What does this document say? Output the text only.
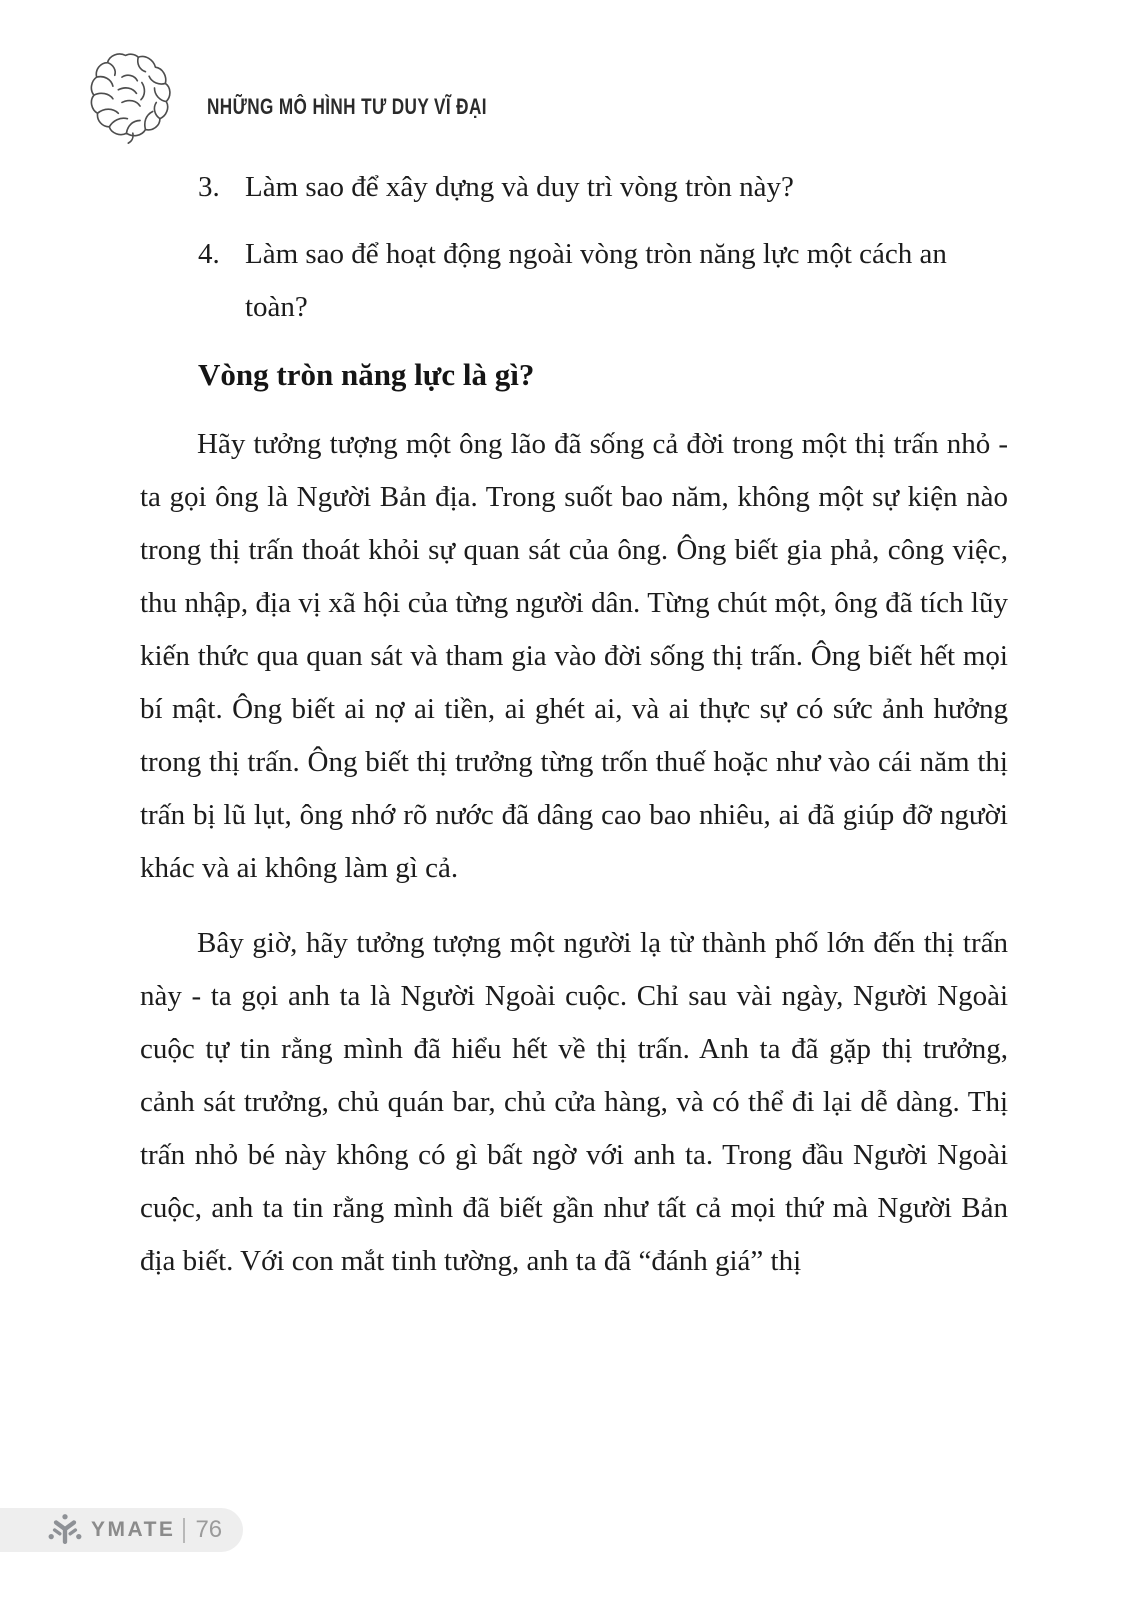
NHỮNG MÔ HÌNH TƯ DUY VĨ ĐẠI
3. Làm sao để xây dựng và duy trì vòng tròn này?
4. Làm sao để hoạt động ngoài vòng tròn năng lực một cách an toàn?
Vòng tròn năng lực là gì?

Hãy tưởng tượng một ông lão đã sống cả đời trong một thị trấn nhỏ - ta gọi ông là Người Bản địa. Trong suốt bao năm, không một sự kiện nào trong thị trấn thoát khỏi sự quan sát của ông. Ông biết gia phả, công việc, thu nhập, địa vị xã hội của từng người dân. Từng chút một, ông đã tích lũy kiến thức qua quan sát và tham gia vào đời sống thị trấn. Ông biết hết mọi bí mật. Ông biết ai nợ ai tiền, ai ghét ai, và ai thực sự có sức ảnh hưởng trong thị trấn. Ông biết thị trưởng từng trốn thuế hoặc như vào cái năm thị trấn bị lũ lụt, ông nhớ rõ nước đã dâng cao bao nhiêu, ai đã giúp đỡ người khác và ai không làm gì cả.

Bây giờ, hãy tưởng tượng một người lạ từ thành phố lớn đến thị trấn này - ta gọi anh ta là Người Ngoài cuộc. Chỉ sau vài ngày, Người Ngoài cuộc tự tin rằng mình đã hiểu hết về thị trấn. Anh ta đã gặp thị trưởng, cảnh sát trưởng, chủ quán bar, chủ cửa hàng, và có thể đi lại dễ dàng. Thị trấn nhỏ bé này không có gì bất ngờ với anh ta. Trong đầu Người Ngoài cuộc, anh ta tin rằng mình đã biết gần như tất cả mọi thứ mà Người Bản địa biết. Với con mắt tinh tường, anh ta đã “đánh giá” thị

YMATE 76
